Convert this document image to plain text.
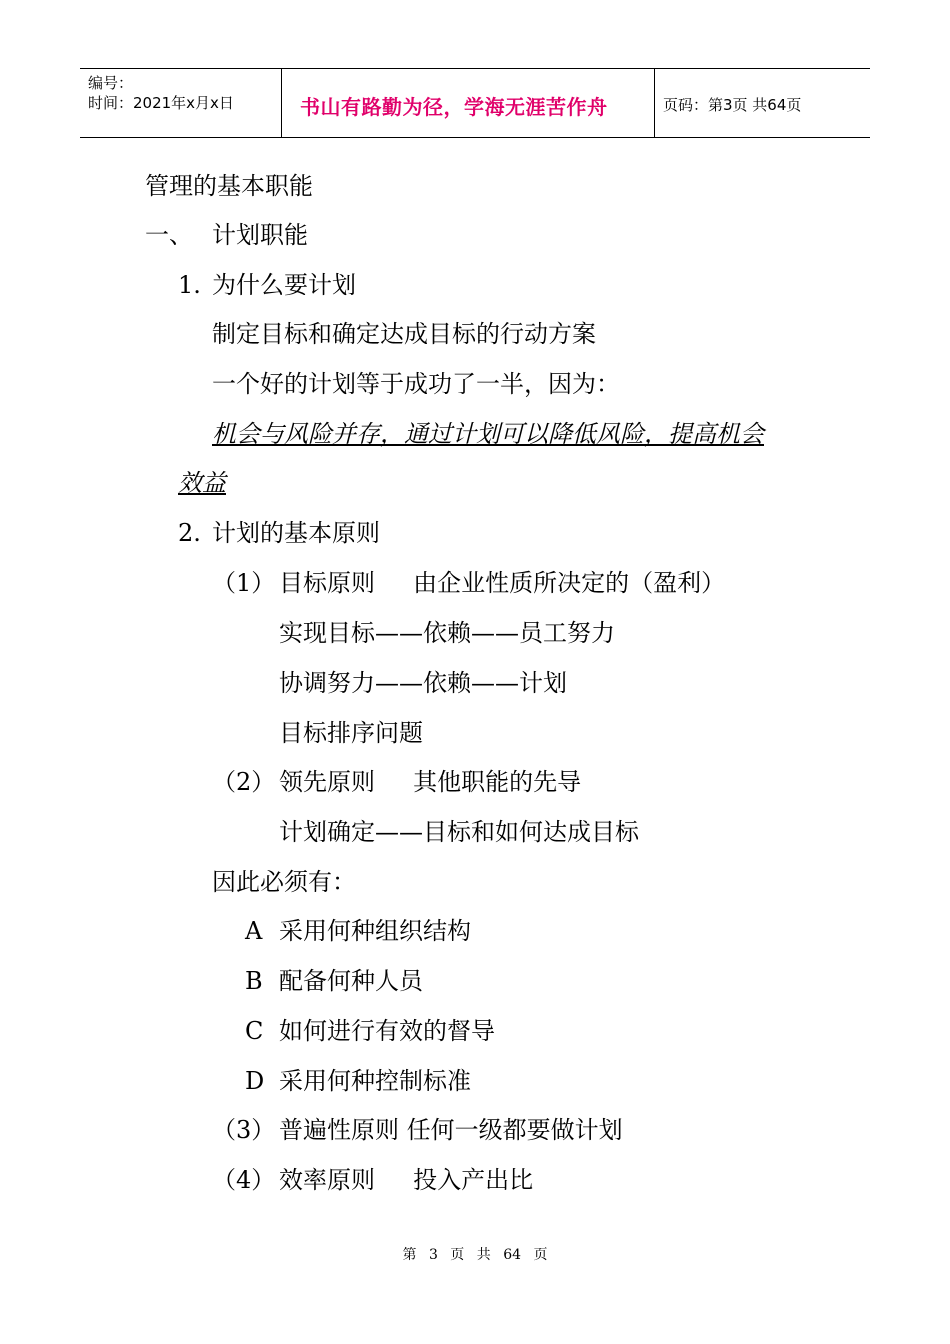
编号：
时间：2021年x月x日	书山有路勤为径，学海无涯苦作舟	页码：第3页 共64页
管理的基本职能
一、 计划职能
1. 为什么要计划
制定目标和确定达成目标的行动方案
一个好的计划等于成功了一半，因为：
机会与风险并存，通过计划可以降低风险，提高机会
效益
2. 计划的基本原则
（1） 目标原则     由企业性质所决定的（盈利）
实现目标——依赖——员工努力
协调努力——依赖——计划
目标排序问题
（2） 领先原则     其他职能的先导
计划确定——目标和如何达成目标
因此必须有：
A 采用何种组织结构
B 配备何种人员
C 如何进行有效的督导
D 采用何种控制标准
（3） 普遍性原则 任何一级都要做计划
（4） 效率原则     投入产出比
第 3 页 共 64 页
